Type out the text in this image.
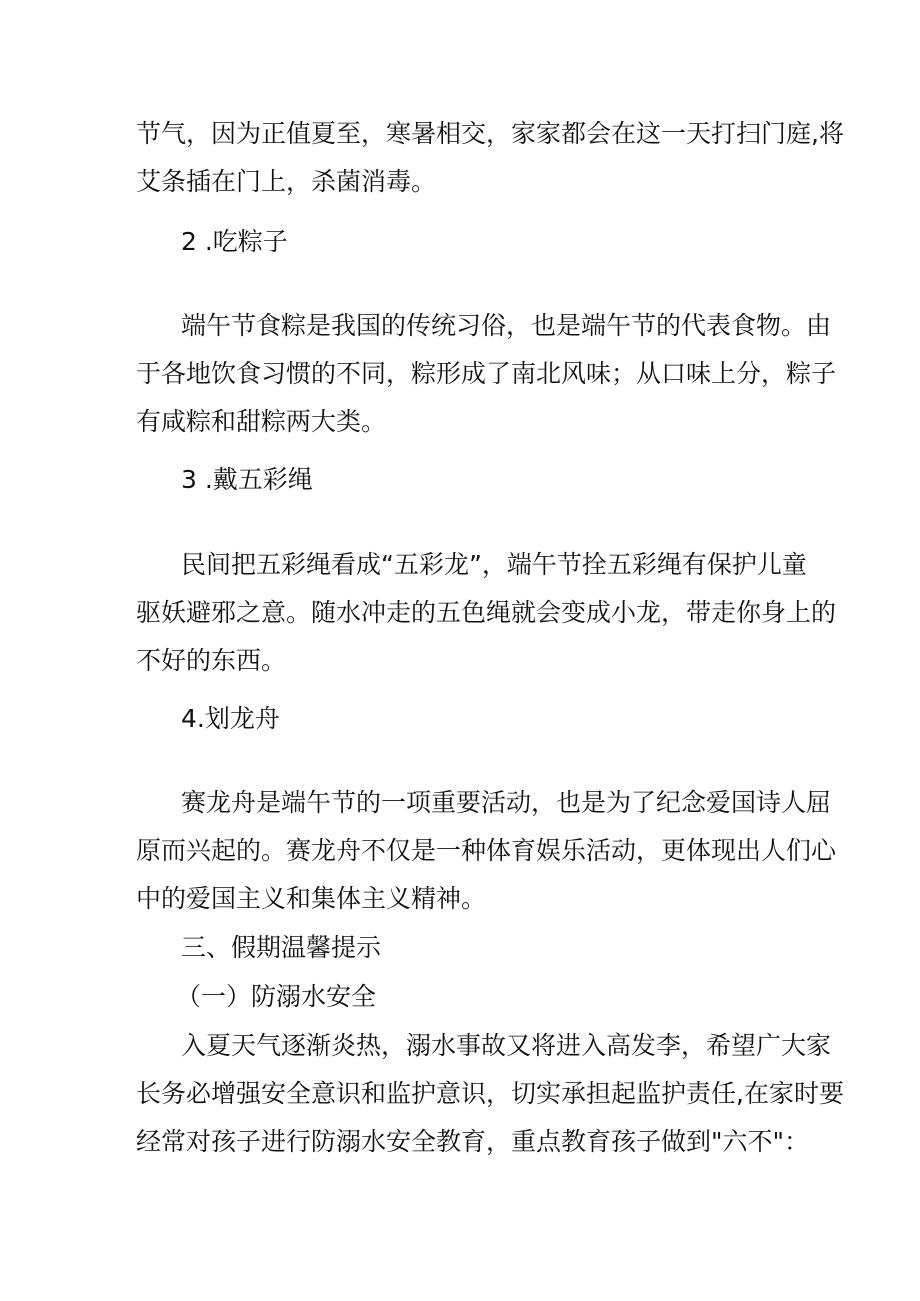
节气，因为正值夏至，寒暑相交，家家都会在这一天打扫门庭,将
艾条插在门上，杀菌消毒。
2 .吃粽子
端午节食粽是我国的传统习俗，也是端午节的代表食物。由
于各地饮食习惯的不同，粽形成了南北风味；从口味上分，粽子
有咸粽和甜粽两大类。
3 .戴五彩绳
民间把五彩绳看成“五彩龙”，端午节拴五彩绳有保护儿童
驱妖避邪之意。随水冲走的五色绳就会变成小龙，带走你身上的
不好的东西。
4.划龙舟
赛龙舟是端午节的一项重要活动，也是为了纪念爱国诗人屈
原而兴起的。赛龙舟不仅是一种体育娱乐活动，更体现出人们心
中的爱国主义和集体主义精神。
三、假期温馨提示
（一）防溺水安全
入夏天气逐渐炎热，溺水事故又将进入高发李，希望广大家
长务必增强安全意识和监护意识，切实承担起监护责任,在家时要
经常对孩子进行防溺水安全教育，重点教育孩子做到"六不"：
